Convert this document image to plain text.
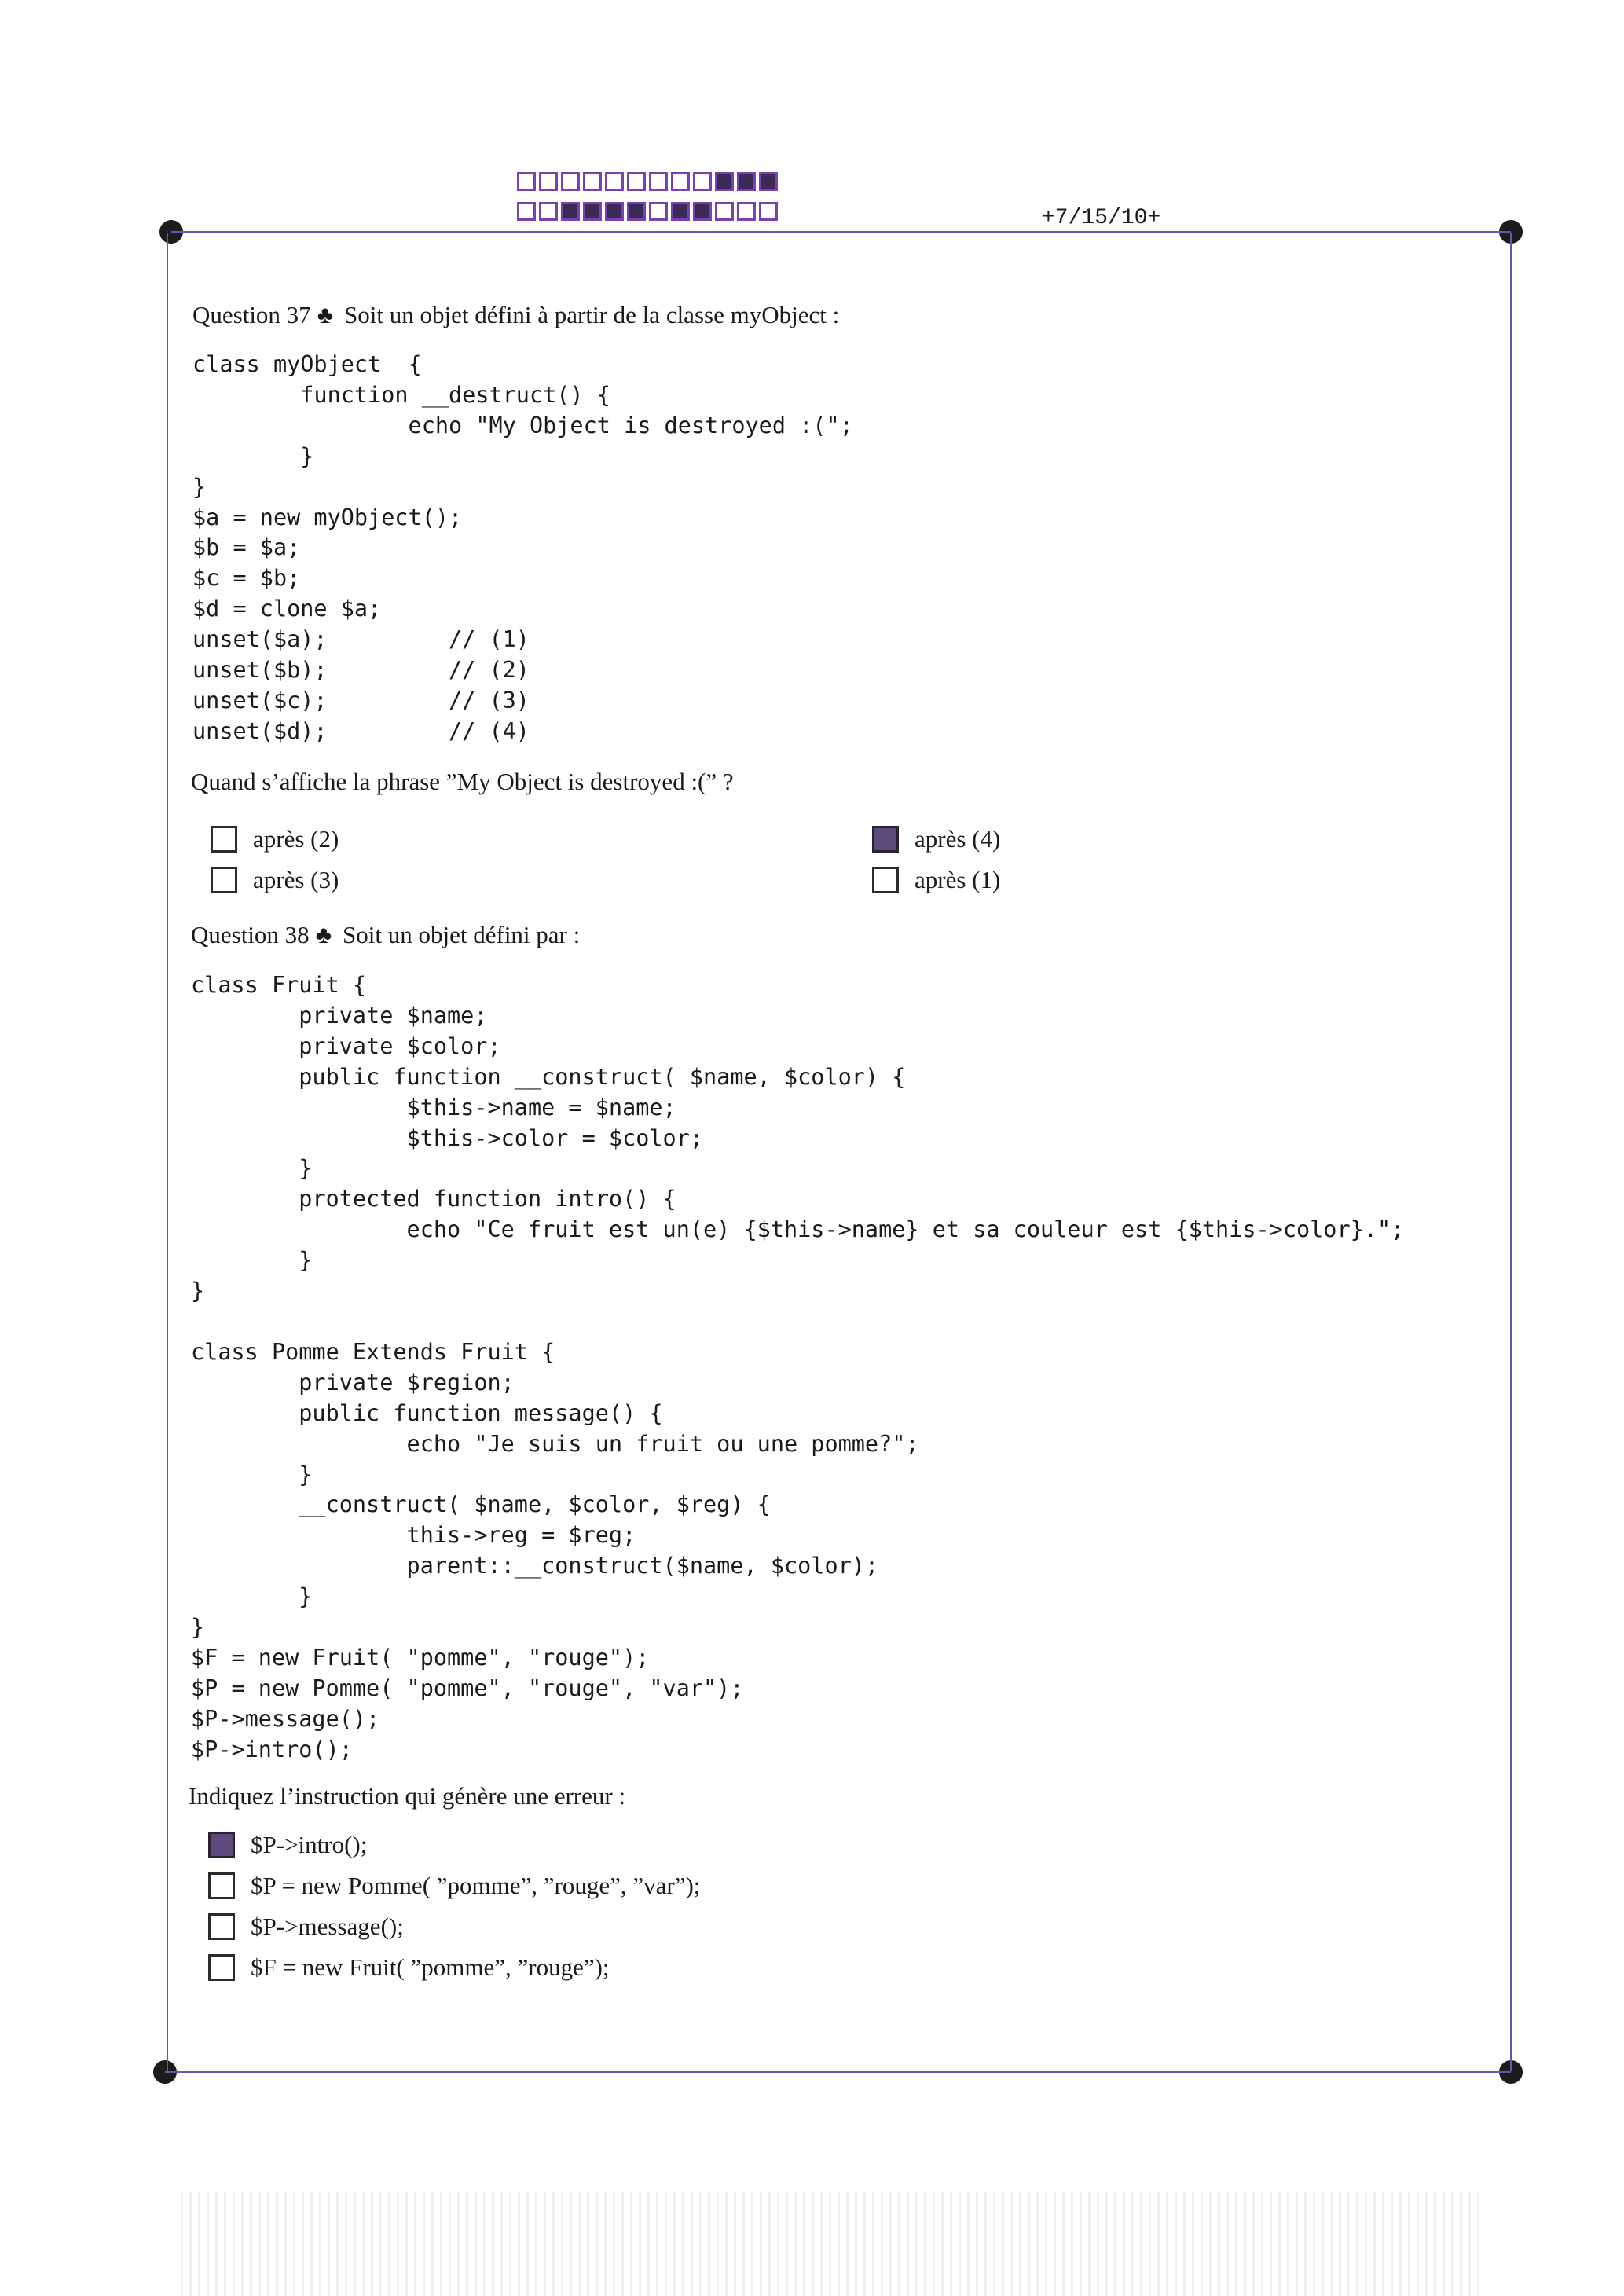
+7/15/10+
Question 37 ♣ Soit un objet défini à partir de la classe myObject :
class myObject  {
function __destruct() {
echo "My Object is destroyed :(";
}
}
$a = new myObject();
$b = $a;
$c = $b;
$d = clone $a;
unset($a);         // (1)
unset($b);         // (2)
unset($c);         // (3)
unset($d);         // (4)
Quand s’affiche la phrase ”My Object is destroyed :(” ?
après (2)
après (3)
après (4)
après (1)
Question 38 ♣ Soit un objet défini par :
class Fruit {
private $name;
private $color;
public function __construct( $name, $color) {
$this->name = $name;
$this->color = $color;
}
protected function intro() {
echo "Ce fruit est un(e) {$this->name} et sa couleur est {$this->color}.";
}
}

class Pomme Extends Fruit {
private $region;
public function message() {
echo "Je suis un fruit ou une pomme?";
}
__construct( $name, $color, $reg) {
this->reg = $reg;
parent::__construct($name, $color);
}
}
$F = new Fruit( "pomme", "rouge");
$P = new Pomme( "pomme", "rouge", "var");
$P->message();
$P->intro();
Indiquez l’instruction qui génère une erreur :
$P->intro();
$P = new Pomme( ”pomme”, ”rouge”, ”var”);
$P->message();
$F = new Fruit( ”pomme”, ”rouge”);
